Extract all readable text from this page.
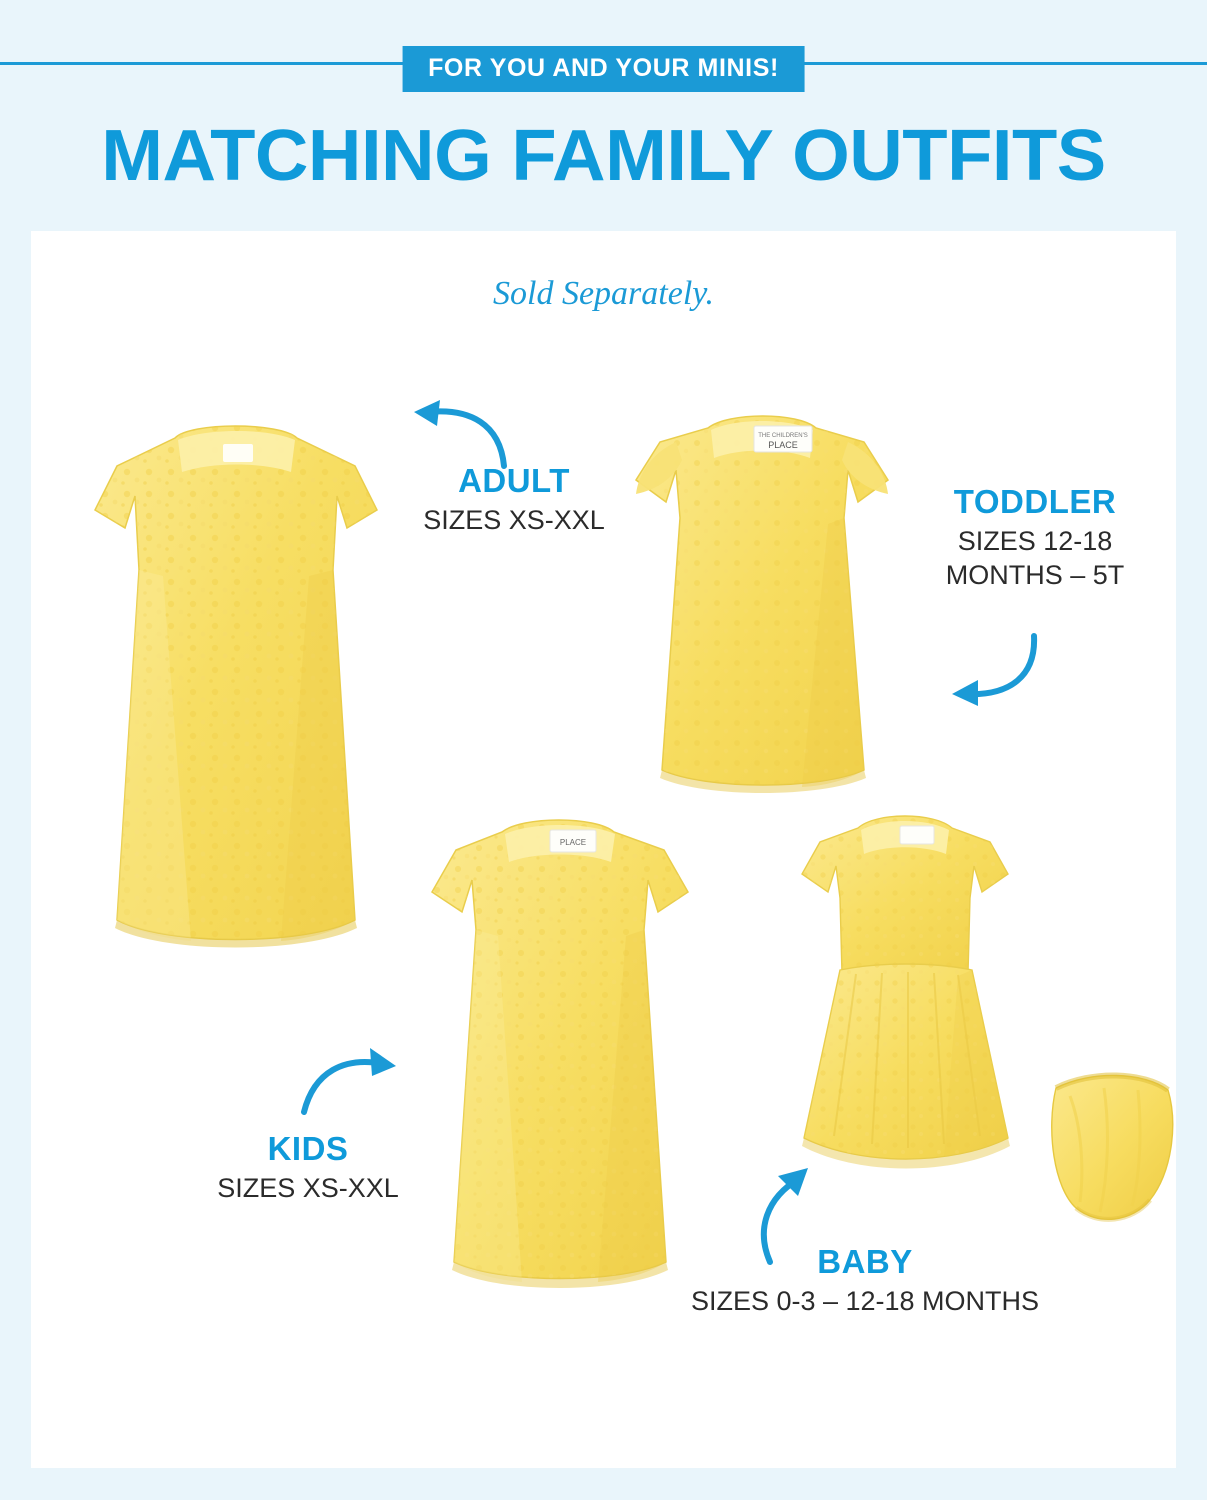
FOR YOU AND YOUR MINIS!
MATCHING FAMILY OUTFITS
Sold Separately.
ADULT
SIZES XS-XXL
THE CHILDREN'S
PLACE
TODDLER
SIZES 12-18
MONTHS – 5T
PLACE
KIDS
SIZES XS-XXL
BABY
SIZES 0-3 – 12-18 MONTHS
